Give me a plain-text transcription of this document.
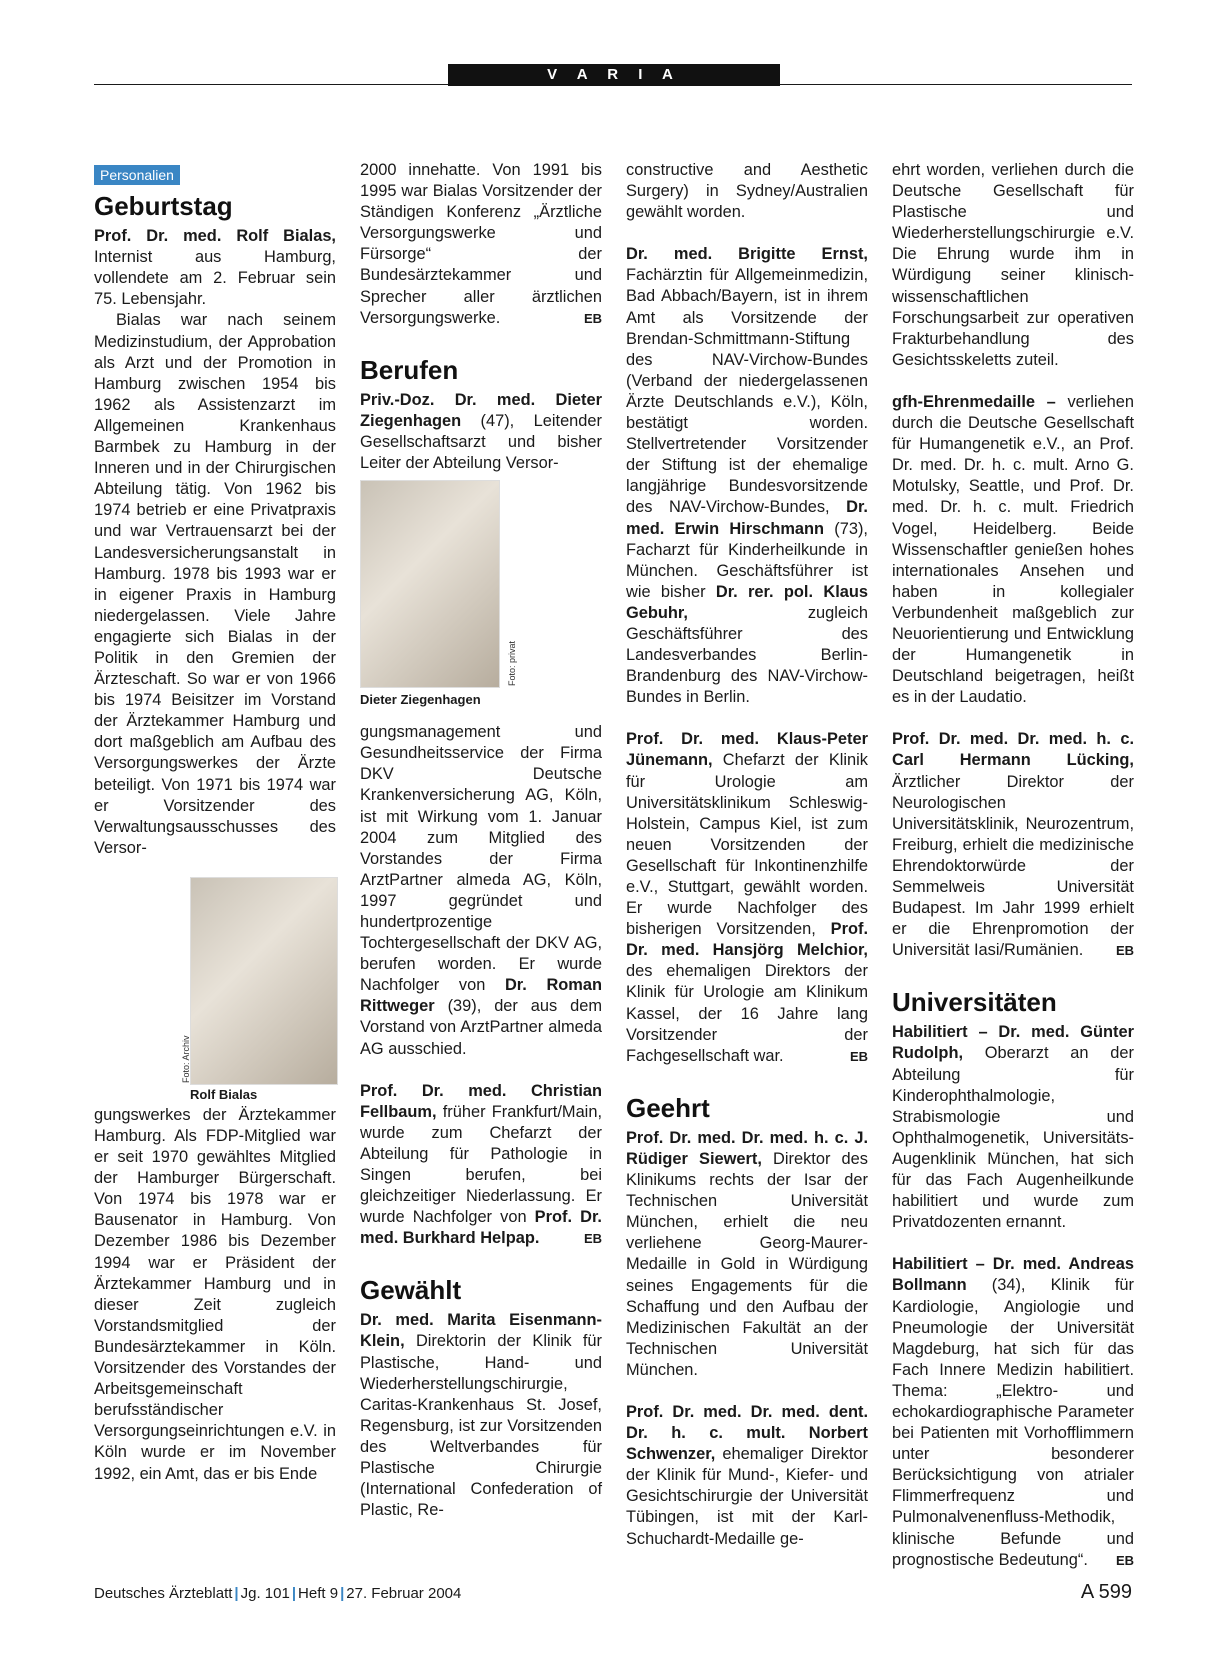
V A R I A
Personalien
Geburtstag

Prof. Dr. med. Rolf Bialas, Internist aus Hamburg, vollendete am 2. Februar sein 75. Lebensjahr.

Bialas war nach seinem Medizinstudium, der Approbation als Arzt und der Promotion in Hamburg zwischen 1954 bis 1962 als Assistenzarzt im Allgemeinen Krankenhaus Barmbek zu Hamburg in der Inneren und in der Chirurgischen Abteilung tätig. Von 1962 bis 1974 betrieb er eine Privatpraxis und war Vertrauensarzt bei der Landesversicherungsanstalt in Hamburg. 1978 bis 1993 war er in eigener Praxis in Hamburg niedergelassen. Viele Jahre engagierte sich Bialas in der Politik in den Gremien der Ärzteschaft. So war er von 1966 bis 1974 Beisitzer im Vorstand der Ärztekammer Hamburg und dort maßgeblich am Aufbau des Versorgungswerkes der Ärzte beteiligt. Von 1971 bis 1974 war er Vorsitzender des Verwaltungsausschusses des Versor-

Foto: Archiv
Rolf Bialas

gungswerkes der Ärztekammer Hamburg. Als FDP-Mitglied war er seit 1970 gewähltes Mitglied der Hamburger Bürgerschaft. Von 1974 bis 1978 war er Bausenator in Hamburg. Von Dezember 1986 bis Dezember 1994 war er Präsident der Ärztekammer Hamburg und in dieser Zeit zugleich Vorstandsmitglied der Bundesärztekammer in Köln. Vorsitzender des Vorstandes der Arbeitsgemeinschaft berufsständischer Versorgungseinrichtungen e.V. in Köln wurde er im November 1992, ein Amt, das er bis Ende

2000 innehatte. Von 1991 bis 1995 war Bialas Vorsitzender der Ständigen Konferenz „Ärztliche Versorgungswerke und Fürsorge“ der Bundesärztekammer und Sprecher aller ärztlichen Versorgungswerke.	EB

Berufen

Priv.-Doz. Dr. med. Dieter Ziegenhagen (47), Leitender Gesellschaftsarzt und bisher Leiter der Abteilung Versor-

Foto: privat
Dieter Ziegenhagen

gungsmanagement und Gesundheitsservice der Firma DKV Deutsche Krankenversicherung AG, Köln, ist mit Wirkung vom 1. Januar 2004 zum Mitglied des Vorstandes der Firma ArztPartner almeda AG, Köln, 1997 gegründet und hundertprozentige Tochtergesellschaft der DKV AG, berufen worden. Er wurde Nachfolger von Dr. Roman Rittweger (39), der aus dem Vorstand von ArztPartner almeda AG ausschied.

Prof. Dr. med. Christian Fellbaum, früher Frankfurt/Main, wurde zum Chefarzt der Abteilung für Pathologie in Singen berufen, bei gleichzeitiger Niederlassung. Er wurde Nachfolger von Prof. Dr. med. Burkhard Helpap.	EB

Gewählt

Dr. med. Marita Eisenmann-Klein, Direktorin der Klinik für Plastische, Hand- und Wiederherstellungschirurgie, Caritas-Krankenhaus St. Josef, Regensburg, ist zur Vorsitzenden des Weltverbandes für Plastische Chirurgie (International Confederation of Plastic, Re-

constructive and Aesthetic Surgery) in Sydney/Australien gewählt worden.

Dr. med. Brigitte Ernst, Fachärztin für Allgemeinmedizin, Bad Abbach/Bayern, ist in ihrem Amt als Vorsitzende der Brendan-Schmittmann-Stiftung des NAV-Virchow-Bundes (Verband der niedergelassenen Ärzte Deutschlands e.V.), Köln, bestätigt worden. Stellvertretender Vorsitzender der Stiftung ist der ehemalige langjährige Bundesvorsitzende des NAV-Virchow-Bundes, Dr. med. Erwin Hirschmann (73), Facharzt für Kinderheilkunde in München. Geschäftsführer ist wie bisher Dr. rer. pol. Klaus Gebuhr, zugleich Geschäftsführer des Landesverbandes Berlin-Brandenburg des NAV-Virchow-Bundes in Berlin.

Prof. Dr. med. Klaus-Peter Jünemann, Chefarzt der Klinik für Urologie am Universitätsklinikum Schleswig-Holstein, Campus Kiel, ist zum neuen Vorsitzenden der Gesellschaft für Inkontinenzhilfe e.V., Stuttgart, gewählt worden. Er wurde Nachfolger des bisherigen Vorsitzenden, Prof. Dr. med. Hansjörg Melchior, des ehemaligen Direktors der Klinik für Urologie am Klinikum Kassel, der 16 Jahre lang Vorsitzender der Fachgesellschaft war.	EB

Geehrt

Prof. Dr. med. Dr. med. h. c. J. Rüdiger Siewert, Direktor des Klinikums rechts der Isar der Technischen Universität München, erhielt die neu verliehene Georg-Maurer-Medaille in Gold in Würdigung seines Engagements für die Schaffung und den Aufbau der Medizinischen Fakultät an der Technischen Universität München.

Prof. Dr. med. Dr. med. dent. Dr. h. c. mult. Norbert Schwenzer, ehemaliger Direktor der Klinik für Mund-, Kiefer- und Gesichtschirurgie der Universität Tübingen, ist mit der Karl-Schuchardt-Medaille ge-

ehrt worden, verliehen durch die Deutsche Gesellschaft für Plastische und Wiederherstellungschirurgie e.V. Die Ehrung wurde ihm in Würdigung seiner klinisch-wissenschaftlichen Forschungsarbeit zur operativen Frakturbehandlung des Gesichtsskeletts zuteil.

gfh-Ehrenmedaille – verliehen durch die Deutsche Gesellschaft für Humangenetik e.V., an Prof. Dr. med. Dr. h. c. mult. Arno G. Motulsky, Seattle, und Prof. Dr. med. Dr. h. c. mult. Friedrich Vogel, Heidelberg. Beide Wissenschaftler genießen hohes internationales Ansehen und haben in kollegialer Verbundenheit maßgeblich zur Neuorientierung und Entwicklung der Humangenetik in Deutschland beigetragen, heißt es in der Laudatio.

Prof. Dr. med. Dr. med. h. c. Carl Hermann Lücking, Ärztlicher Direktor der Neurologischen Universitätsklinik, Neurozentrum, Freiburg, erhielt die medizinische Ehrendoktorwürde der Semmelweis Universität Budapest. Im Jahr 1999 erhielt er die Ehrenpromotion der Universität Iasi/Rumänien.	EB

Universitäten

Habilitiert – Dr. med. Günter Rudolph, Oberarzt an der Abteilung für Kinderophthalmologie, Strabismologie und Ophthalmogenetik, Universitäts-Augenklinik München, hat sich für das Fach Augenheilkunde habilitiert und wurde zum Privatdozenten ernannt.

Habilitiert – Dr. med. Andreas Bollmann (34), Klinik für Kardiologie, Angiologie und Pneumologie der Universität Magdeburg, hat sich für das Fach Innere Medizin habilitiert. Thema: „Elektro- und echokardiographische Parameter bei Patienten mit Vorhofflimmern unter besonderer Berücksichtigung von atrialer Flimmerfrequenz und Pulmonalvenenfluss-Methodik, klinische Befunde und prognostische Bedeutung“. EB

Deutsches Ärzteblatt | Jg. 101 | Heft 9 | 27. Februar 2004	A 599
